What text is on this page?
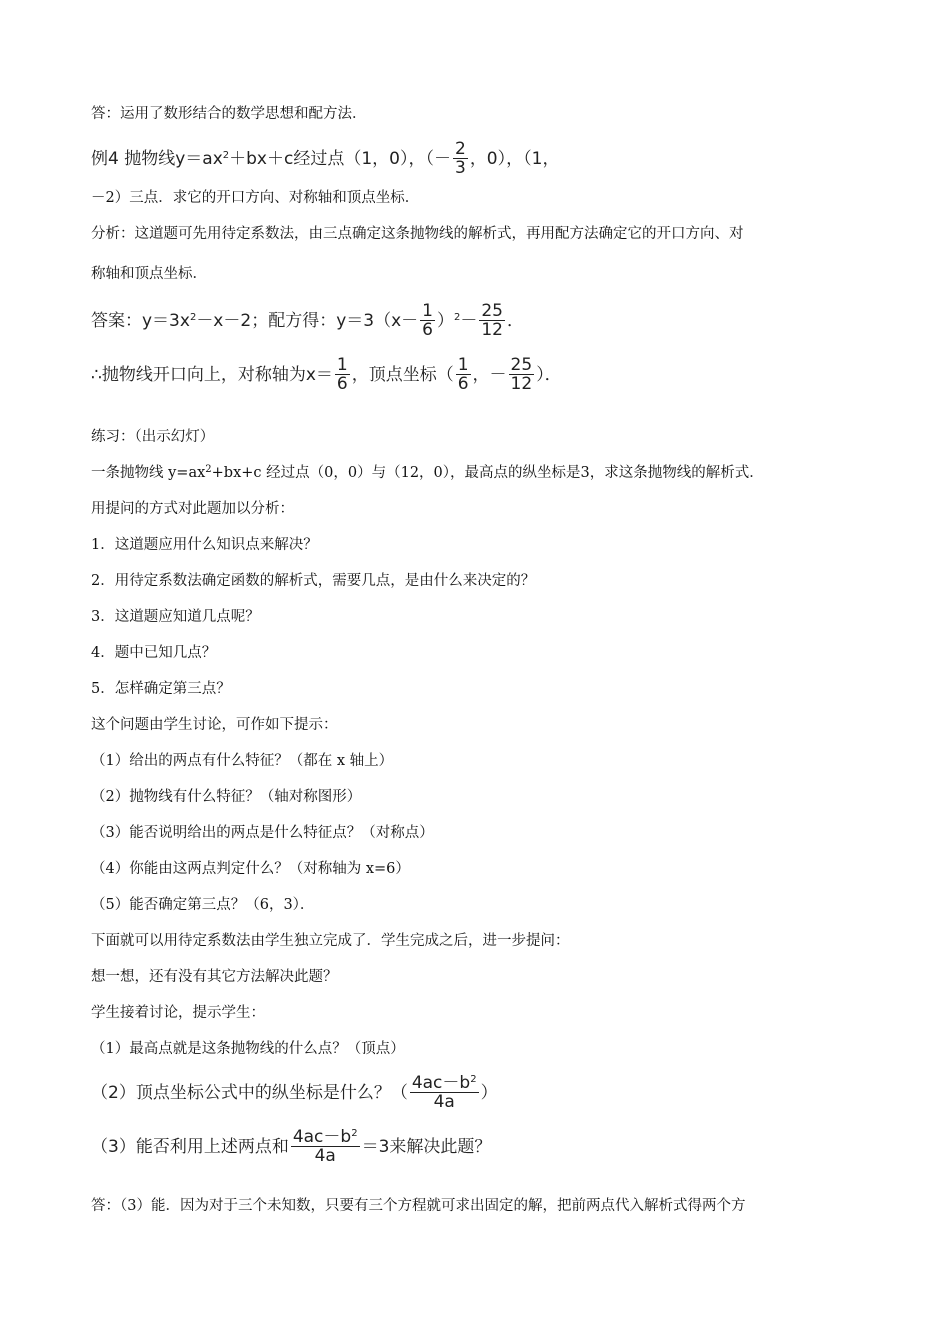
答：运用了数形结合的数学思想和配方法．
例4 抛物线$y=ax^2 +bx+c$经过点（1，0），（－ $\frac{2}{3}$ ，0），（1，
－2）三点．求它的开口方向、对称轴和顶点坐标．
分析：这道题可先用待定系数法，由三点确定这条抛物线的解析式，再用配方法确定它的开口方向、对
称轴和顶点坐标．
答案：$y=3x^2 -x-2$；配方得：$y=3(x- \frac{1}{6} )^2 - \frac{25}{12}$ ．
∴抛物线开口向上，对称轴为$x= \frac{1}{6}$ ，顶点坐标（ $\frac{1}{6}$ ，－ $\frac{25}{12}$ ）．
练习：（出示幻灯）
一条抛物线 $y=ax^2+bx+c$ 经过点（0，0）与（12，0），最高点的纵坐标是3，求这条抛物线的解析式．
用提问的方式对此题加以分析：
1．这道题应用什么知识点来解决？
2．用待定系数法确定函数的解析式，需要几点，是由什么来决定的？
3．这道题应知道几点呢？
4．题中已知几点？
5．怎样确定第三点？
这个问题由学生讨论，可作如下提示：
（1）给出的两点有什么特征？（都在 x 轴上）
（2）抛物线有什么特征？（轴对称图形）
（3）能否说明给出的两点是什么特征点？（对称点）
（4）你能由这两点判定什么？（对称轴为 x=6）
（5）能否确定第三点？（6，3）．
下面就可以用待定系数法由学生独立完成了．学生完成之后，进一步提问：
想一想，还有没有其它方法解决此题？
学生接着讨论，提示学生：
（1）最高点就是这条抛物线的什么点？（顶点）
（2）顶点坐标公式中的纵坐标是什么？（ $\frac{4ac-b^2}{4a}$ ）
（3）能否利用上述两点和 $\frac{4ac-b^2}{4a} =3$来解决此题？
答：（3）能．因为对于三个未知数，只要有三个方程就可求出固定的解，把前两点代入解析式得两个方
